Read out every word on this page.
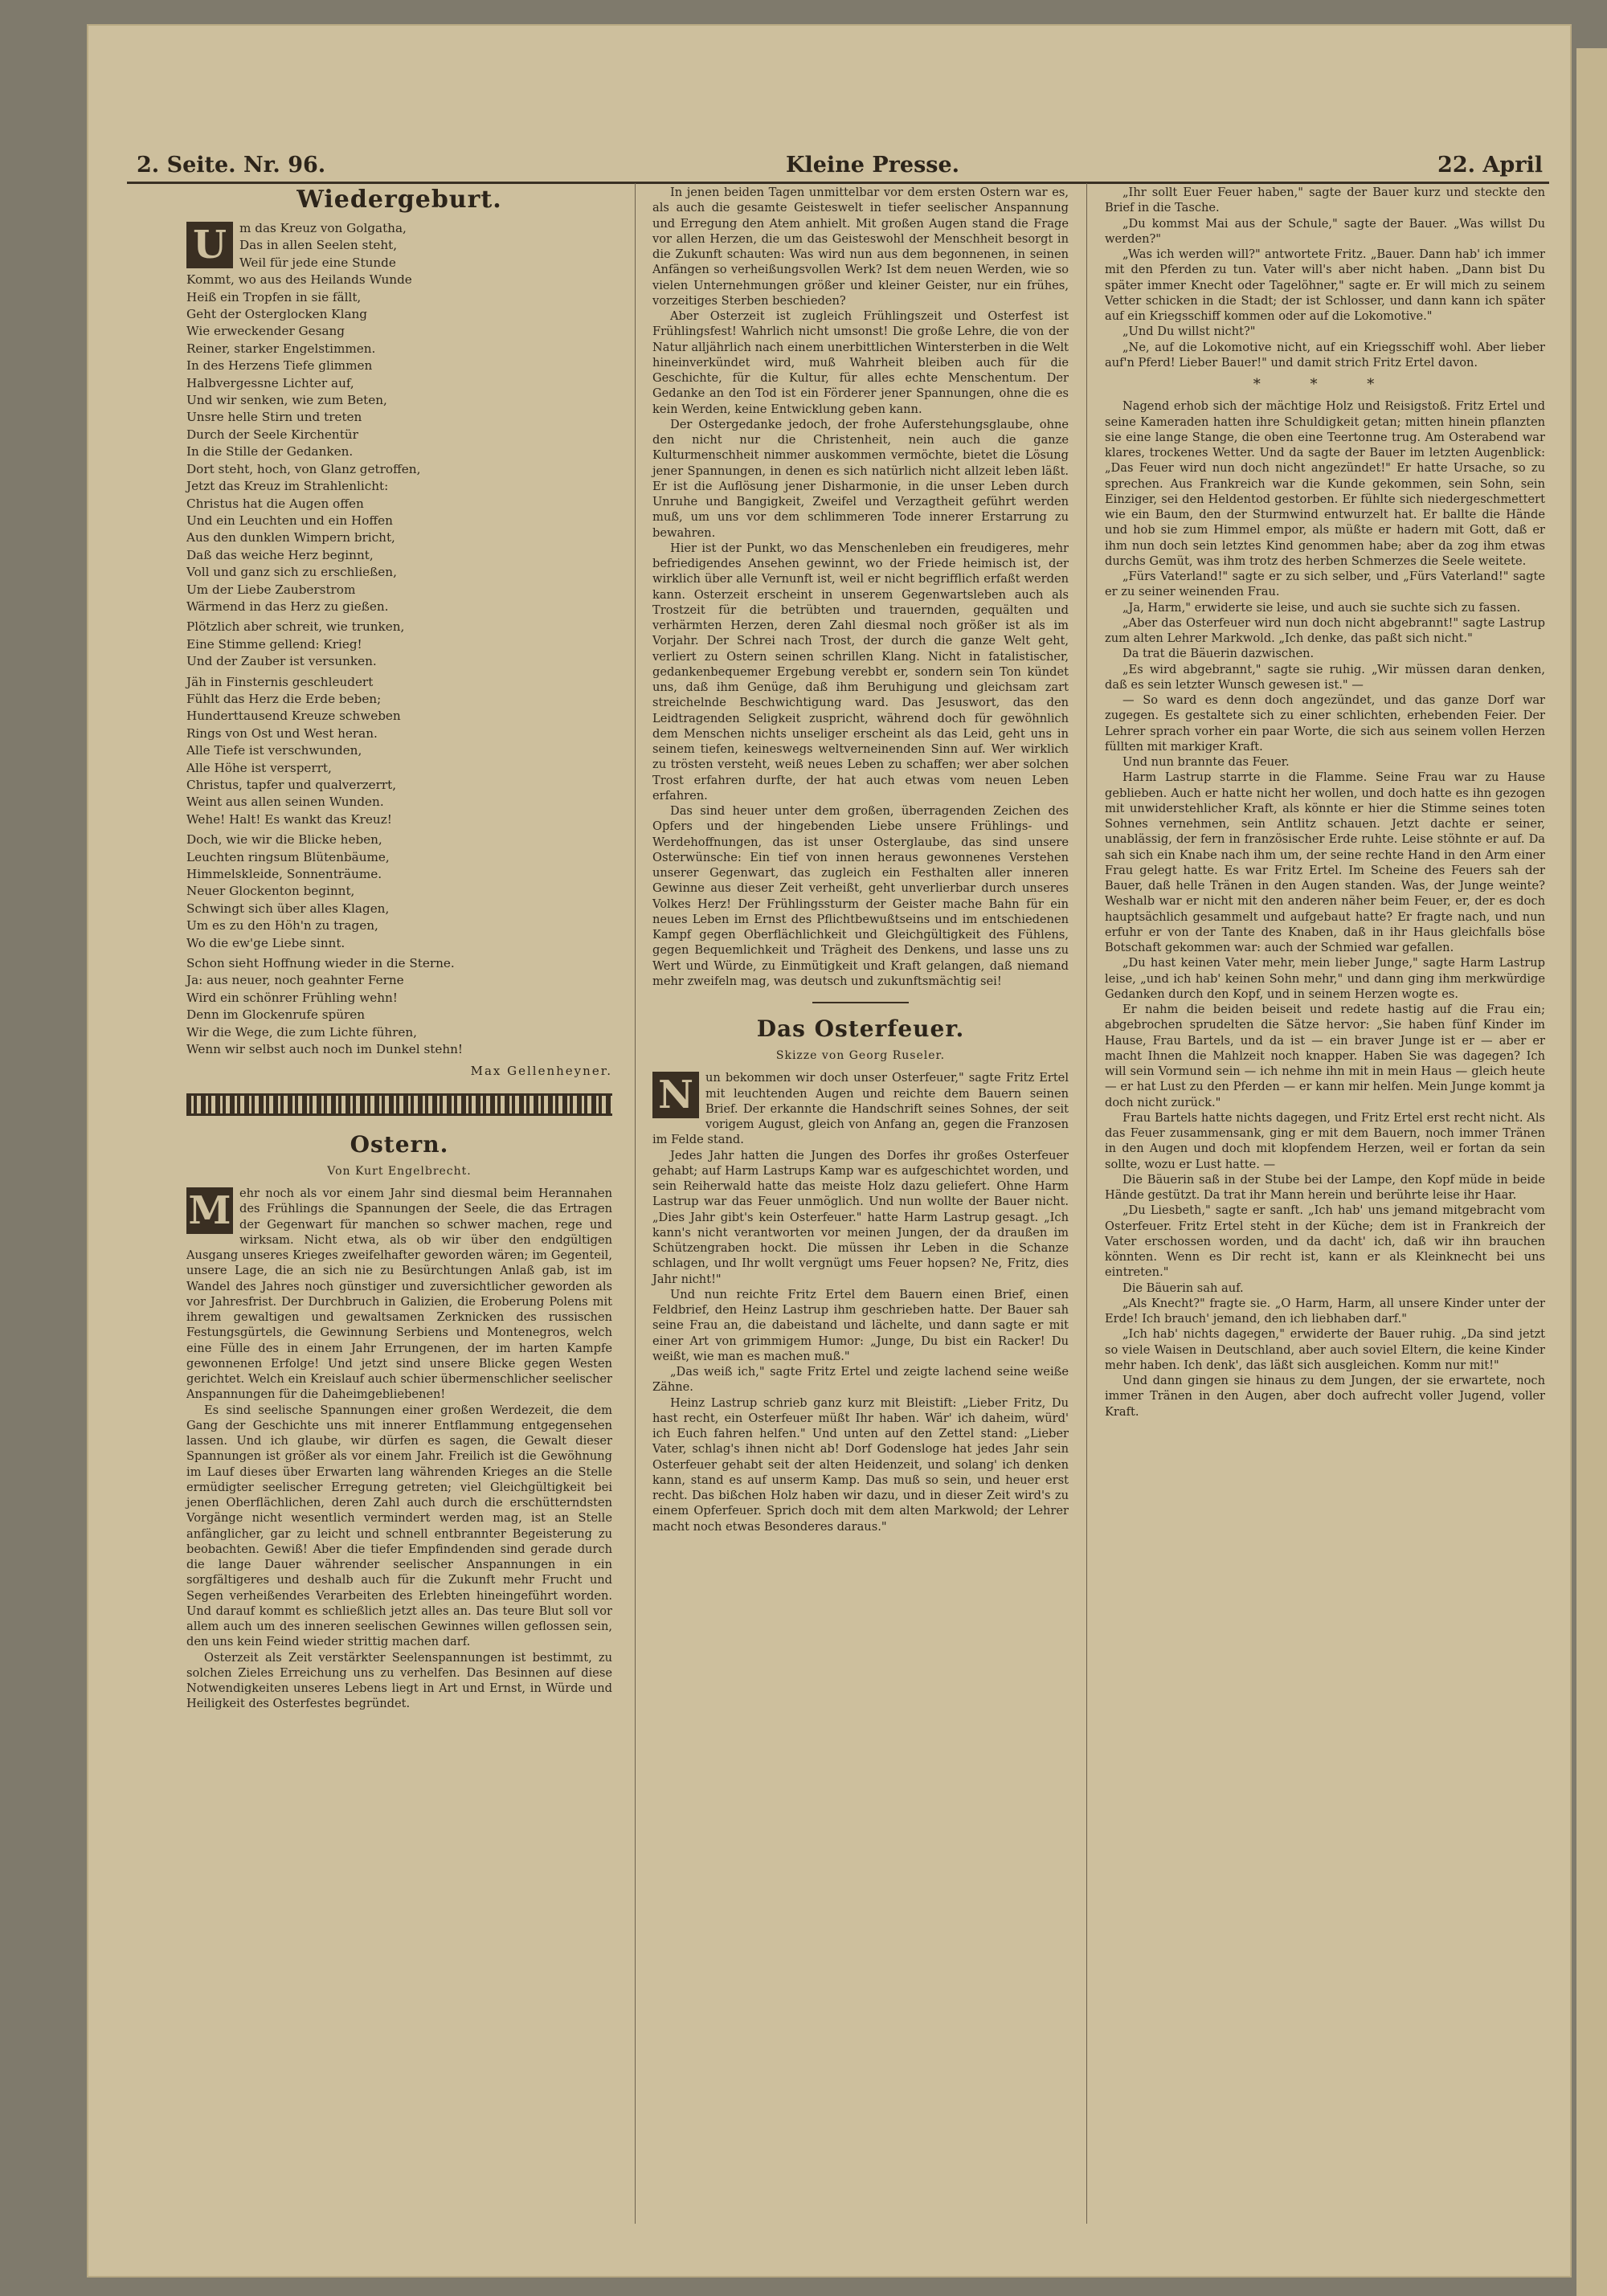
2. Seite. Nr. 96.	Kleine Presse.	22. April
Wiedergeburt.
U	m das Kreuz von Golgatha,
Das in allen Seelen steht,
Weil für jede eine Stunde
Kommt, wo aus des Heilands Wunde
Heiß ein Tropfen in sie fällt,
Geht der Osterglocken Klang
Wie erweckender Gesang
Reiner, starker Engelstimmen.
In des Herzens Tiefe glimmen
Halbvergessne Lichter auf,
Und wir senken, wie zum Beten,
Unsre helle Stirn und treten
Durch der Seele Kirchentür
In die Stille der Gedanken.
Dort steht, hoch, von Glanz getroffen,
Jetzt das Kreuz im Strahlenlicht:
Christus hat die Augen offen
Und ein Leuchten und ein Hoffen
Aus den dunklen Wimpern bricht,
Daß das weiche Herz beginnt,
Voll und ganz sich zu erschließen,
Um der Liebe Zauberstrom
Wärmend in das Herz zu gießen.
Plötzlich aber schreit, wie trunken,
Eine Stimme gellend: Krieg!
Und der Zauber ist versunken.
Jäh in Finsternis geschleudert
Fühlt das Herz die Erde beben;
Hunderttausend Kreuze schweben
Rings von Ost und West heran.
Alle Tiefe ist verschwunden,
Alle Höhe ist versperrt,
Christus, tapfer und qualverzerrt,
Weint aus allen seinen Wunden.
Wehe! Halt! Es wankt das Kreuz!
Doch, wie wir die Blicke heben,
Leuchten ringsum Blütenbäume,
Himmelskleide, Sonnenträume.
Neuer Glockenton beginnt,
Schwingt sich über alles Klagen,
Um es zu den Höh'n zu tragen,
Wo die ew'ge Liebe sinnt.
Schon sieht Hoffnung wieder in die Sterne.
Ja: aus neuer, noch geahnter Ferne
Wird ein schönrer Frühling wehn!
Denn im Glockenrufe spüren
Wir die Wege, die zum Lichte führen,
Wenn wir selbst auch noch im Dunkel stehn!
Max Gellenheyner.
Ostern.
Von Kurt Engelbrecht.
M ehr noch als vor einem Jahr sind diesmal beim Herannahen des Frühlings die Spannungen der Seele, die das Ertragen der Gegenwart für manchen so schwer machen, rege und wirksam. Nicht etwa, als ob wir über den endgültigen Ausgang unseres Krieges zweifelhafter geworden wären; im Gegenteil, unsere Lage, die an sich nie zu Besürchtungen Anlaß gab, ist im Wandel des Jahres noch günstiger und zuversichtlicher geworden als vor Jahresfrist. Der Durchbruch in Galizien, die Eroberung Polens mit ihrem gewaltigen und gewaltsamen Zerknicken des russischen Festungsgürtels, die Gewinnung Serbiens und Montenegros, welch eine Fülle des in einem Jahr Errungenen, der im harten Kampfe gewonnenen Erfolge! Und jetzt sind unsere Blicke gegen Westen gerichtet. Welch ein Kreislauf auch schier übermenschlicher seelischer Anspannungen für die Daheimgebliebenen!

Es sind seelische Spannungen einer großen Werdezeit, die dem Gang der Geschichte uns mit innerer Entflammung entgegensehen lassen. Und ich glaube, wir dürfen es sagen, die Gewalt dieser Spannungen ist größer als vor einem Jahr. Freilich ist die Gewöhnung im Lauf dieses über Erwarten lang währenden Krieges an die Stelle ermüdigter seelischer Erregung getreten; viel Gleichgültigkeit bei jenen Oberflächlichen, deren Zahl auch durch die erschütterndsten Vorgänge nicht wesentlich vermindert werden mag, ist an Stelle anfänglicher, gar zu leicht und schnell entbrannter Begeisterung zu beobachten. Gewiß! Aber die tiefer Empfindenden sind gerade durch die lange Dauer währender seelischer Anspannungen in ein sorgfältigeres und deshalb auch für die Zukunft mehr Frucht und Segen verheißendes Verarbeiten des Erlebten hineingeführt worden. Und darauf kommt es schließlich jetzt alles an. Das teure Blut soll vor allem auch um des inneren seelischen Gewinnes willen geflossen sein, den uns kein Feind wieder strittig machen darf.

Osterzeit als Zeit verstärkter Seelenspannungen ist bestimmt, zu solchen Zieles Erreichung uns zu verhelfen. Das Besinnen auf diese Notwendigkeiten unseres Lebens liegt in Art und Ernst, in Würde und Heiligkeit des Osterfestes begründet.

In jenen beiden Tagen unmittelbar vor dem ersten Ostern war es, als auch die gesamte Geisteswelt in tiefer seelischer Anspannung und Erregung den Atem anhielt. Mit großen Augen stand die Frage vor allen Herzen, die um das Geisteswohl der Menschheit besorgt in die Zukunft schauten: Was wird nun aus dem begonnenen, in seinen Anfängen so verheißungsvollen Werk? Ist dem neuen Werden, wie so vielen Unternehmungen größer und kleiner Geister, nur ein frühes, vorzeitiges Sterben beschieden?

Aber Osterzeit ist zugleich Frühlingszeit und Osterfest ist Frühlingsfest! Wahrlich nicht umsonst! Die große Lehre, die von der Natur alljährlich nach einem unerbittlichen Wintersterben in die Welt hineinverkündet wird, muß Wahrheit bleiben auch für die Geschichte, für die Kultur, für alles echte Menschentum. Der Gedanke an den Tod ist ein Förderer jener Spannungen, ohne die es kein Werden, keine Entwicklung geben kann.

Der Ostergedanke jedoch, der frohe Auferstehungsglaube, ohne den nicht nur die Christenheit, nein auch die ganze Kulturmenschheit nimmer auskommen vermöchte, bietet die Lösung jener Spannungen, in denen es sich natürlich nicht allzeit leben läßt. Er ist die Auflösung jener Disharmonie, in die unser Leben durch Unruhe und Bangigkeit, Zweifel und Verzagtheit geführt werden muß, um uns vor dem schlimmeren Tode innerer Erstarrung zu bewahren.

Hier ist der Punkt, wo das Menschenleben ein freudigeres, mehr befriedigendes Ansehen gewinnt, wo der Friede heimisch ist, der wirklich über alle Vernunft ist, weil er nicht begrifflich erfaßt werden kann. Osterzeit erscheint in unserem Gegenwartsleben auch als Trostzeit für die betrübten und trauernden, gequälten und verhärmten Herzen, deren Zahl diesmal noch größer ist als im Vorjahr. Der Schrei nach Trost, der durch die ganze Welt geht, verliert zu Ostern seinen schrillen Klang. Nicht in fatalistischer, gedankenbequemer Ergebung verebbt er, sondern sein Ton kündet uns, daß ihm Genüge, daß ihm Beruhigung und gleichsam zart streichelnde Beschwichtigung ward. Das Jesuswort, das den Leidtragenden Seligkeit zuspricht, während doch für gewöhnlich dem Menschen nichts unseliger erscheint als das Leid, geht uns in seinem tiefen, keineswegs weltverneinenden Sinn auf. Wer wirklich zu trösten versteht, weiß neues Leben zu schaffen; wer aber solchen Trost erfahren durfte, der hat auch etwas vom neuen Leben erfahren.

Das sind heuer unter dem großen, überragenden Zeichen des Opfers und der hingebenden Liebe unsere Frühlings- und Werdehoffnungen, das ist unser Osterglaube, das sind unsere Osterwünsche: Ein tief von innen heraus gewonnenes Verstehen unserer Gegenwart, das zugleich ein Festhalten aller inneren Gewinne aus dieser Zeit verheißt, geht unverlierbar durch unseres Volkes Herz! Der Frühlingssturm der Geister mache Bahn für ein neues Leben im Ernst des Pflichtbewußtseins und im entschiedenen Kampf gegen Oberflächlichkeit und Gleichgültigkeit des Fühlens, gegen Bequemlichkeit und Trägheit des Denkens, und lasse uns zu Wert und Würde, zu Einmütigkeit und Kraft gelangen, daß niemand mehr zweifeln mag, was deutsch und zukunftsmächtig sei!

Das Osterfeuer.
Skizze von Georg Ruseler.
N	un bekommen wir doch unser Osterfeuer," sagte Fritz Ertel mit leuchtenden Augen und reichte dem Bauern seinen Brief. Der erkannte die Handschrift seines Sohnes, der seit vorigem August, gleich von Anfang an, gegen die Franzosen im Felde stand.

Jedes Jahr hatten die Jungen des Dorfes ihr großes Osterfeuer gehabt; auf Harm Lastrups Kamp war es aufgeschichtet worden, und sein Reiherwald hatte das meiste Holz dazu geliefert. Ohne Harm Lastrup war das Feuer unmöglich. Und nun wollte der Bauer nicht. „Dies Jahr gibt's kein Osterfeuer." hatte Harm Lastrup gesagt. „Ich kann's nicht verantworten vor meinen Jungen, der da draußen im Schützengraben hockt. Die müssen ihr Leben in die Schanze schlagen, und Ihr wollt vergnügt ums Feuer hopsen? Ne, Fritz, dies Jahr nicht!"

Und nun reichte Fritz Ertel dem Bauern einen Brief, einen Feldbrief, den Heinz Lastrup ihm geschrieben hatte. Der Bauer sah seine Frau an, die dabeistand und lächelte, und dann sagte er mit einer Art von grimmigem Humor: „Junge, Du bist ein Racker! Du weißt, wie man es machen muß."

„Das weiß ich," sagte Fritz Ertel und zeigte lachend seine weiße Zähne.

Heinz Lastrup schrieb ganz kurz mit Bleistift: „Lieber Fritz, Du hast recht, ein Osterfeuer müßt Ihr haben. Wär' ich daheim, würd' ich Euch fahren helfen." Und unten auf den Zettel stand: „Lieber Vater, schlag's ihnen nicht ab! Dorf Godensloge hat jedes Jahr sein Osterfeuer gehabt seit der alten Heidenzeit, und solang' ich denken kann, stand es auf unserm Kamp. Das muß so sein, und heuer erst recht. Das bißchen Holz haben wir dazu, und in dieser Zeit wird's zu einem Opferfeuer. Sprich doch mit dem alten Markwold; der Lehrer macht noch etwas Besonderes daraus."

„Ihr sollt Euer Feuer haben," sagte der Bauer kurz und steckte den Brief in die Tasche.

„Du kommst Mai aus der Schule," sagte der Bauer. „Was willst Du werden?"

„Was ich werden will?" antwortete Fritz. „Bauer. Dann hab' ich immer mit den Pferden zu tun. Vater will's aber nicht haben. „Dann bist Du später immer Knecht oder Tagelöhner," sagte er. Er will mich zu seinem Vetter schicken in die Stadt; der ist Schlosser, und dann kann ich später auf ein Kriegsschiff kommen oder auf die Lokomotive."

„Und Du willst nicht?"

„Ne, auf die Lokomotive nicht, auf ein Kriegsschiff wohl. Aber lieber auf'n Pferd! Lieber Bauer!" und damit strich Fritz Ertel davon.

* * *

Nagend erhob sich der mächtige Holz und Reisigstoß. Fritz Ertel und seine Kameraden hatten ihre Schuldigkeit getan; mitten hinein pflanzten sie eine lange Stange, die oben eine Teertonne trug. Am Osterabend war klares, trockenes Wetter. Und da sagte der Bauer im letzten Augenblick: „Das Feuer wird nun doch nicht angezündet!" Er hatte Ursache, so zu sprechen. Aus Frankreich war die Kunde gekommen, sein Sohn, sein Einziger, sei den Heldentod gestorben. Er fühlte sich niedergeschmettert wie ein Baum, den der Sturmwind entwurzelt hat. Er ballte die Hände und hob sie zum Himmel empor, als müßte er hadern mit Gott, daß er ihm nun doch sein letztes Kind genommen habe; aber da zog ihm etwas durchs Gemüt, was ihm trotz des herben Schmerzes die Seele weitete.

„Fürs Vaterland!" sagte er zu sich selber, und „Fürs Vaterland!" sagte er zu seiner weinenden Frau.

„Ja, Harm," erwiderte sie leise, und auch sie suchte sich zu fassen.

„Aber das Osterfeuer wird nun doch nicht abgebrannt!" sagte Lastrup zum alten Lehrer Markwold. „Ich denke, das paßt sich nicht."

Da trat die Bäuerin dazwischen.

„Es wird abgebrannt," sagte sie ruhig. „Wir müssen daran denken, daß es sein letzter Wunsch gewesen ist." —

— So ward es denn doch angezündet, und das ganze Dorf war zugegen. Es gestaltete sich zu einer schlichten, erhebenden Feier. Der Lehrer sprach vorher ein paar Worte, die sich aus seinem vollen Herzen füllten mit markiger Kraft.

Und nun brannte das Feuer.

Harm Lastrup starrte in die Flamme. Seine Frau war zu Hause geblieben. Auch er hatte nicht her wollen, und doch hatte es ihn gezogen mit unwiderstehlicher Kraft, als könnte er hier die Stimme seines toten Sohnes vernehmen, sein Antlitz schauen. Jetzt dachte er seiner, unablässig, der fern in französischer Erde ruhte. Leise stöhnte er auf. Da sah sich ein Knabe nach ihm um, der seine rechte Hand in den Arm einer Frau gelegt hatte. Es war Fritz Ertel. Im Scheine des Feuers sah der Bauer, daß helle Tränen in den Augen standen. Was, der Junge weinte? Weshalb war er nicht mit den anderen näher beim Feuer, er, der es doch hauptsächlich gesammelt und aufgebaut hatte? Er fragte nach, und nun erfuhr er von der Tante des Knaben, daß in ihr Haus gleichfalls böse Botschaft gekommen war: auch der Schmied war gefallen.

„Du hast keinen Vater mehr, mein lieber Junge," sagte Harm Lastrup leise, „und ich hab' keinen Sohn mehr," und dann ging ihm merkwürdige Gedanken durch den Kopf, und in seinem Herzen wogte es.

Er nahm die beiden beiseit und redete hastig auf die Frau ein; abgebrochen sprudelten die Sätze hervor: „Sie haben fünf Kinder im Hause, Frau Bartels, und da ist — ein braver Junge ist er — aber er macht Ihnen die Mahlzeit noch knapper. Haben Sie was dagegen? Ich will sein Vormund sein — ich nehme ihn mit in mein Haus — gleich heute — er hat Lust zu den Pferden — er kann mir helfen. Mein Junge kommt ja doch nicht zurück."

Frau Bartels hatte nichts dagegen, und Fritz Ertel erst recht nicht. Als das Feuer zusammensank, ging er mit dem Bauern, noch immer Tränen in den Augen und doch mit klopfendem Herzen, weil er fortan da sein sollte, wozu er Lust hatte. —

Die Bäuerin saß in der Stube bei der Lampe, den Kopf müde in beide Hände gestützt. Da trat ihr Mann herein und berührte leise ihr Haar.

„Du Liesbeth," sagte er sanft. „Ich hab' uns jemand mitgebracht vom Osterfeuer. Fritz Ertel steht in der Küche; dem ist in Frankreich der Vater erschossen worden, und da dacht' ich, daß wir ihn brauchen könnten. Wenn es Dir recht ist, kann er als Kleinknecht bei uns eintreten."

Die Bäuerin sah auf.

„Als Knecht?" fragte sie. „O Harm, Harm, all unsere Kinder unter der Erde! Ich brauch' jemand, den ich liebhaben darf."

„Ich hab' nichts dagegen," erwiderte der Bauer ruhig. „Da sind jetzt so viele Waisen in Deutschland, aber auch soviel Eltern, die keine Kinder mehr haben. Ich denk', das läßt sich ausgleichen. Komm nur mit!"

Und dann gingen sie hinaus zu dem Jungen, der sie erwartete, noch immer Tränen in den Augen, aber doch aufrecht voller Jugend, voller Kraft.
